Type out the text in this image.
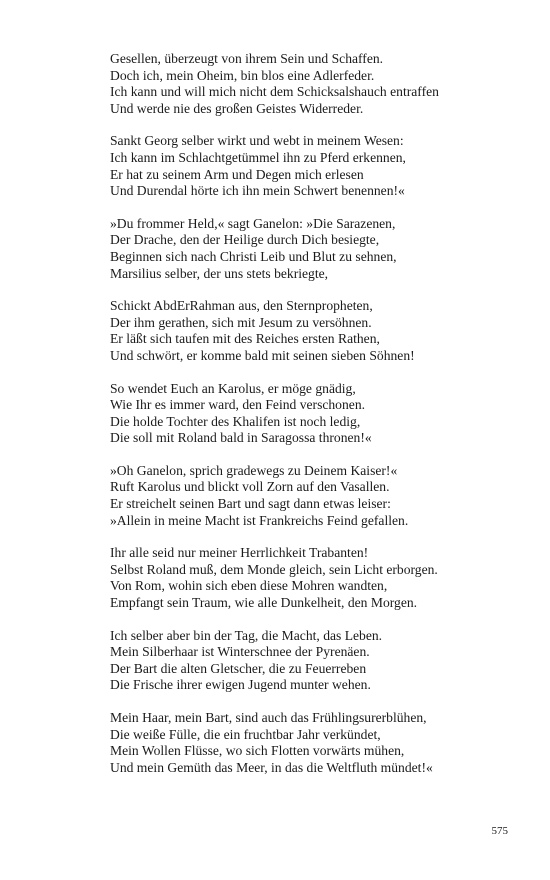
Gesellen, überzeugt von ihrem Sein und Schaffen.
Doch ich, mein Oheim, bin blos eine Adlerfeder.
Ich kann und will mich nicht dem Schicksalshauch entraffen
Und werde nie des großen Geistes Widerreder.
Sankt Georg selber wirkt und webt in meinem Wesen:
Ich kann im Schlachtgetümmel ihn zu Pferd erkennen,
Er hat zu seinem Arm und Degen mich erlesen
Und Durendal hörte ich ihn mein Schwert benennen!«
»Du frommer Held,« sagt Ganelon: »Die Sarazenen,
Der Drache, den der Heilige durch Dich besiegte,
Beginnen sich nach Christi Leib und Blut zu sehnen,
Marsilius selber, der uns stets bekriegte,
Schickt AbdErRahman aus, den Sternpropheten,
Der ihm gerathen, sich mit Jesum zu versöhnen.
Er läßt sich taufen mit des Reiches ersten Rathen,
Und schwört, er komme bald mit seinen sieben Söhnen!
So wendet Euch an Karolus, er möge gnädig,
Wie Ihr es immer ward, den Feind verschonen.
Die holde Tochter des Khalifen ist noch ledig,
Die soll mit Roland bald in Saragossa thronen!«
»Oh Ganelon, sprich gradewegs zu Deinem Kaiser!«
Ruft Karolus und blickt voll Zorn auf den Vasallen.
Er streichelt seinen Bart und sagt dann etwas leiser:
»Allein in meine Macht ist Frankreichs Feind gefallen.
Ihr alle seid nur meiner Herrlichkeit Trabanten!
Selbst Roland muß, dem Monde gleich, sein Licht erborgen.
Von Rom, wohin sich eben diese Mohren wandten,
Empfangt sein Traum, wie alle Dunkelheit, den Morgen.
Ich selber aber bin der Tag, die Macht, das Leben.
Mein Silberhaar ist Winterschnee der Pyrenäen.
Der Bart die alten Gletscher, die zu Feuerreben
Die Frische ihrer ewigen Jugend munter wehen.
Mein Haar, mein Bart, sind auch das Frühlingsurerblühen,
Die weiße Fülle, die ein fruchtbar Jahr verkündet,
Mein Wollen Flüsse, wo sich Flotten vorwärts mühen,
Und mein Gemüth das Meer, in das die Weltfluth mündet!«
575
